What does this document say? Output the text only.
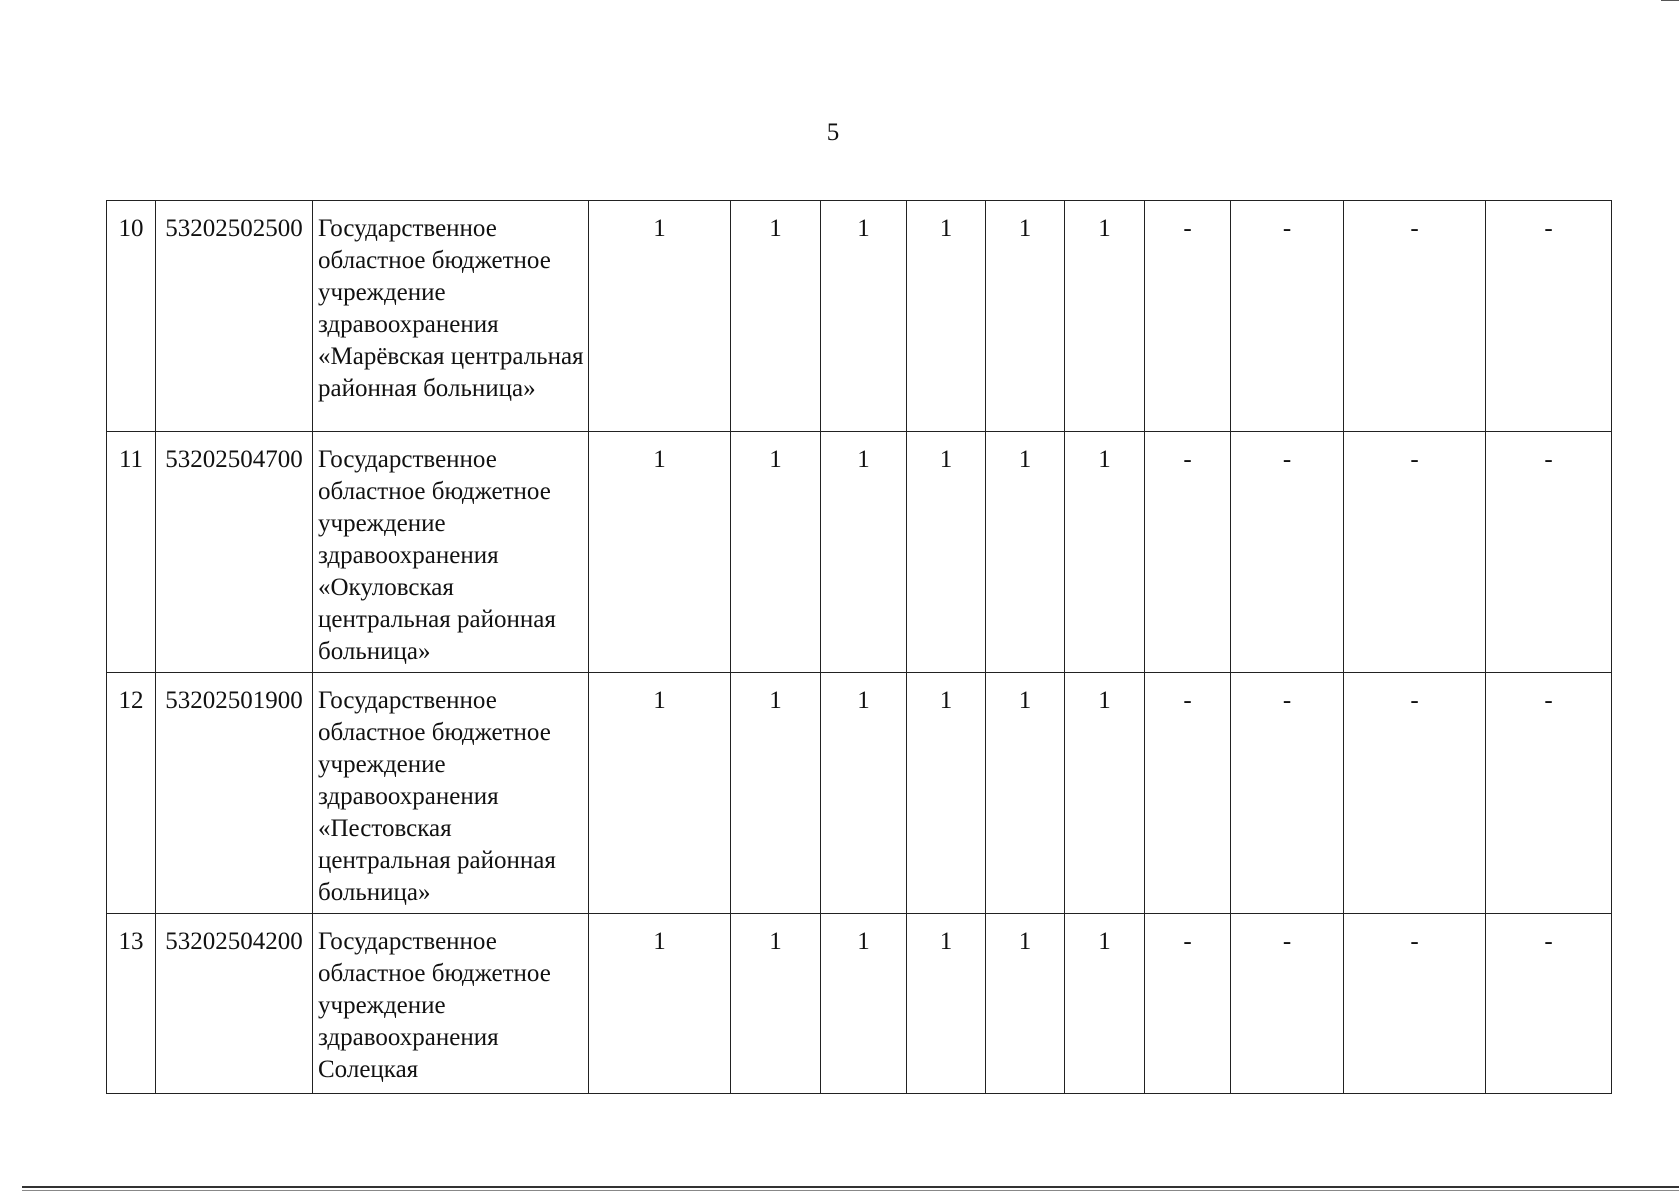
5
10	53202502500	Государственное областное бюджетное учреждение здравоохранения «Марёвская центральная районная больница»	1	1	1	1	1	1	-	-	-	-
11	53202504700	Государственное областное бюджетное учреждение здравоохранения «Окуловская центральная районная больница»	1	1	1	1	1	1	-	-	-	-
12	53202501900	Государственное областное бюджетное учреждение здравоохранения «Пестовская центральная районная больница»	1	1	1	1	1	1	-	-	-	-
13	53202504200	Государственное областное бюджетное учреждение здравоохранения Солецкая	1	1	1	1	1	1	-	-	-	-
